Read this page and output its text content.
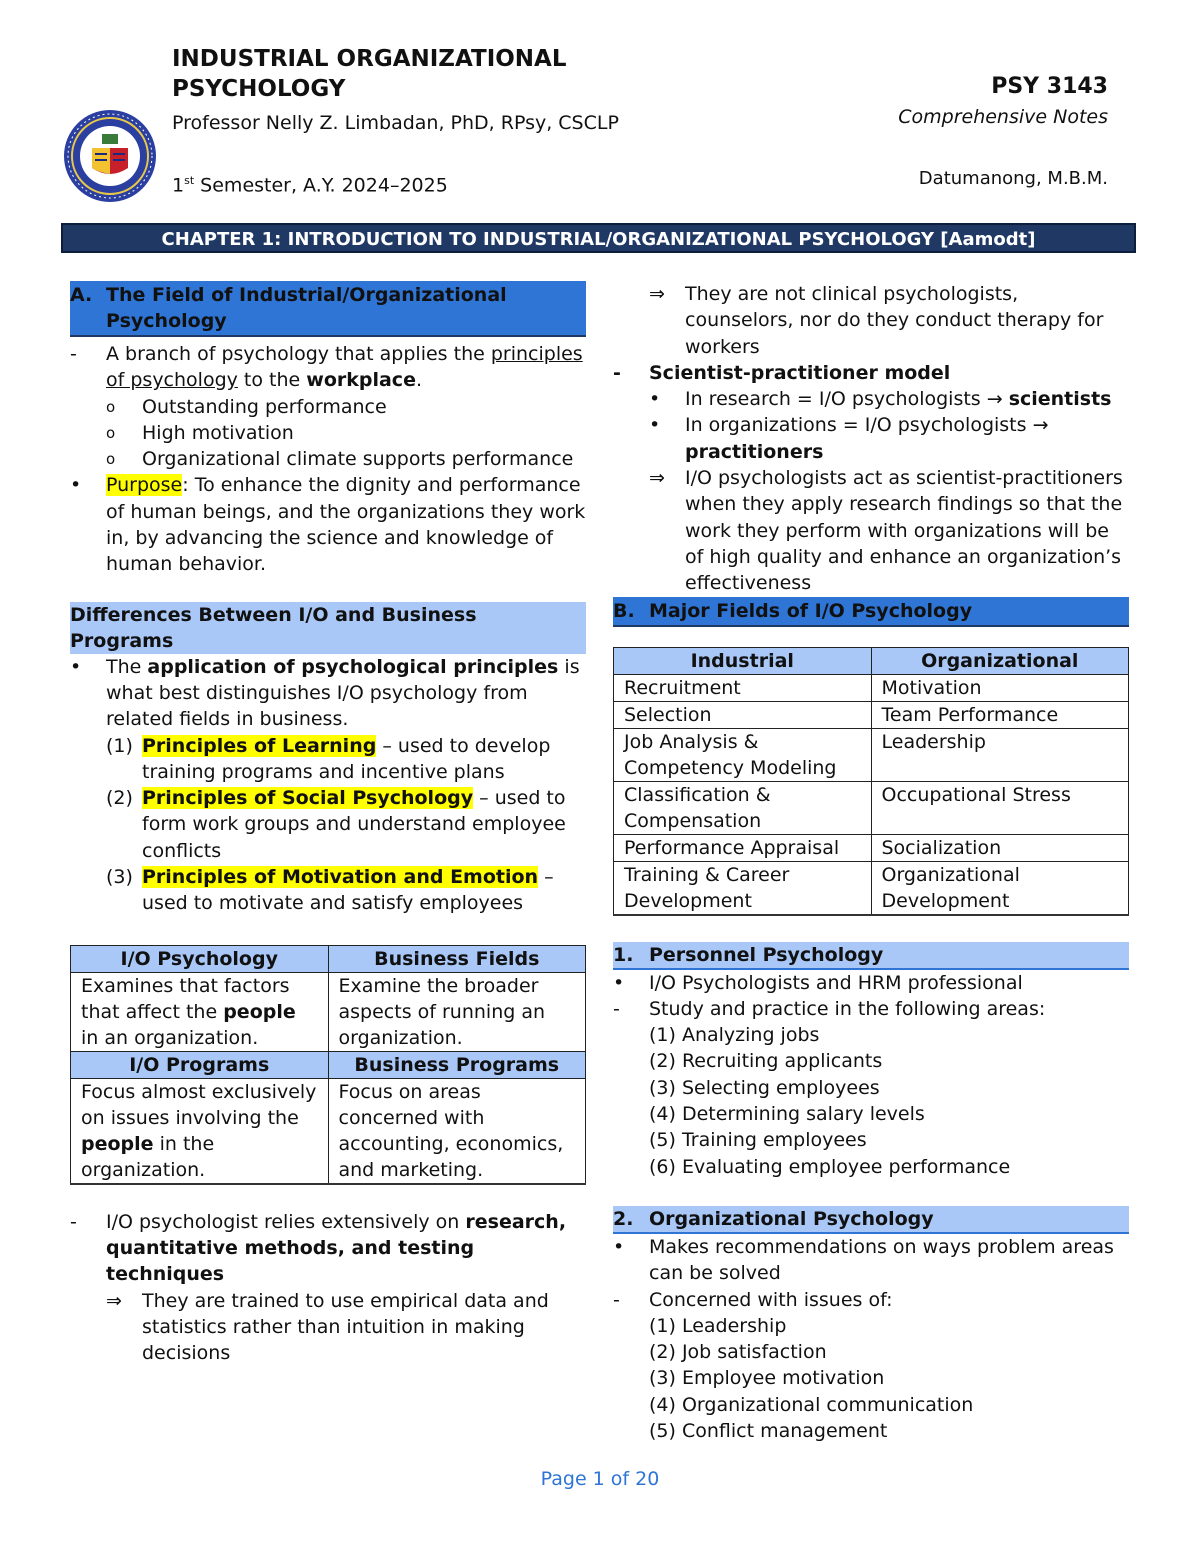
INDUSTRIAL ORGANIZATIONAL PSYCHOLOGY
Professor Nelly Z. Limbadan, PhD, RPsy, CSCLP
1st Semester, A.Y. 2024–2025
PSY 3143
Comprehensive Notes
Datumanong, M.B.M.
CHAPTER 1: INTRODUCTION TO INDUSTRIAL/ORGANIZATIONAL PSYCHOLOGY [Aamodt]
A. The Field of Industrial/Organizational Psychology
- A branch of psychology that applies the principles of psychology to the workplace.
o Outstanding performance
o High motivation
o Organizational climate supports performance
• Purpose: To enhance the dignity and performance of human beings, and the organizations they work in, by advancing the science and knowledge of human behavior.
Differences Between I/O and Business Programs
• The application of psychological principles is what best distinguishes I/O psychology from related fields in business.
(1) Principles of Learning – used to develop training programs and incentive plans
(2) Principles of Social Psychology – used to form work groups and understand employee conflicts
(3) Principles of Motivation and Emotion – used to motivate and satisfy employees
I/O Psychology	Business Fields
Examines that factors that affect the people in an organization.	Examine the broader aspects of running an organization.
I/O Programs	Business Programs
Focus almost exclusively on issues involving the people in the organization.	Focus on areas concerned with accounting, economics, and marketing.
- I/O psychologist relies extensively on research, quantitative methods, and testing techniques
⇒ They are trained to use empirical data and statistics rather than intuition in making decisions
⇒ They are not clinical psychologists, counselors, nor do they conduct therapy for workers
- Scientist-practitioner model
• In research = I/O psychologists → scientists
• In organizations = I/O psychologists → practitioners
⇒ I/O psychologists act as scientist-practitioners when they apply research findings so that the work they perform with organizations will be of high quality and enhance an organization’s effectiveness
B. Major Fields of I/O Psychology
Industrial	Organizational
Recruitment	Motivation
Selection	Team Performance
Job Analysis & Competency Modeling	Leadership
Classification & Compensation	Occupational Stress
Performance Appraisal	Socialization
Training & Career Development	Organizational Development
1. Personnel Psychology
• I/O Psychologists and HRM professional
- Study and practice in the following areas:
(1) Analyzing jobs
(2) Recruiting applicants
(3) Selecting employees
(4) Determining salary levels
(5) Training employees
(6) Evaluating employee performance
2. Organizational Psychology
• Makes recommendations on ways problem areas can be solved
- Concerned with issues of:
(1) Leadership
(2) Job satisfaction
(3) Employee motivation
(4) Organizational communication
(5) Conflict management
Page 1 of 20
